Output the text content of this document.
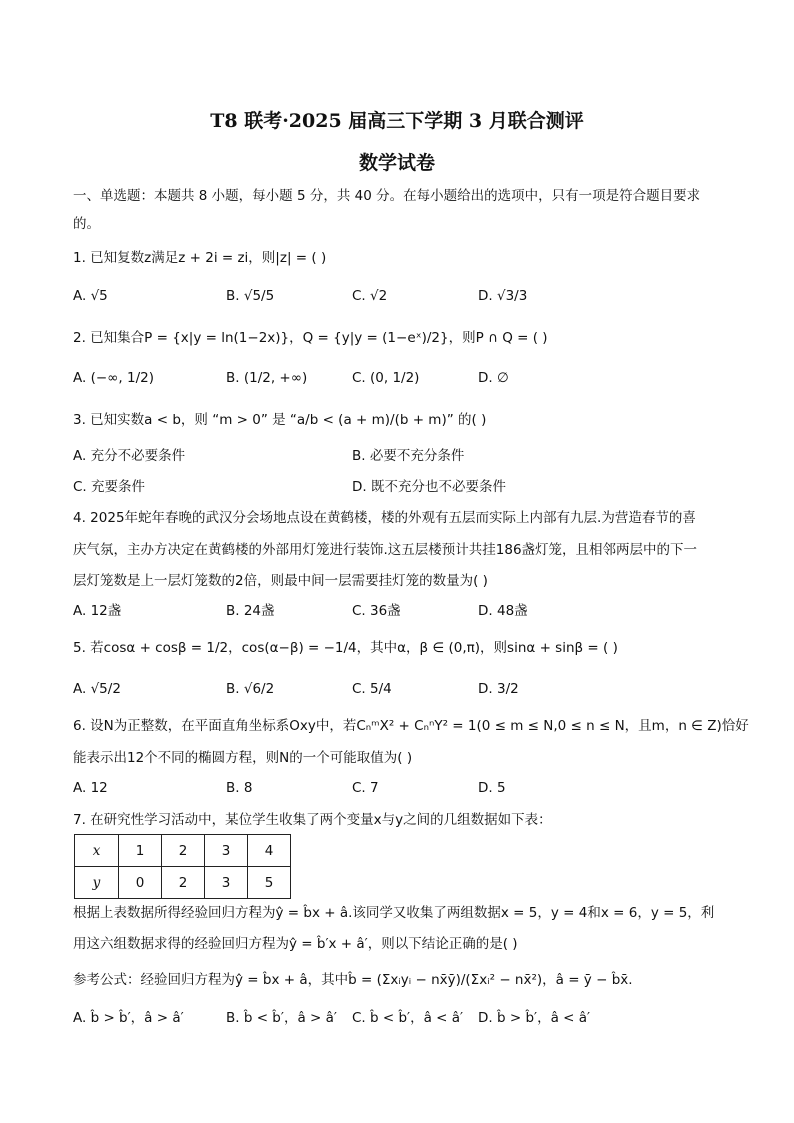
T8 联考·2025 届高三下学期 3 月联合测评
数学试卷
一、单选题：本题共 8 小题，每小题 5 分，共 40 分。在每小题给出的选项中，只有一项是符合题目要求
的。
1. 已知复数z满足z + 2i = zi，则|z| = ( )
A. √5	B. √5/5	C. √2	D. √3/3
2. 已知集合P = {x|y = ln(1−2x)}，Q = {y|y = (1−eˣ)/2}，则P ∩ Q = ( )
A. (−∞, 1/2)	B. (1/2, +∞)	C. (0, 1/2)	D. ∅
3. 已知实数a < b，则 “m > 0” 是 “a/b < (a + m)/(b + m)” 的( )
A. 充分不必要条件	B. 必要不充分条件
C. 充要条件	D. 既不充分也不必要条件
4. 2025年蛇年春晚的武汉分会场地点设在黄鹤楼，楼的外观有五层而实际上内部有九层.为营造春节的喜
庆气氛，主办方决定在黄鹤楼的外部用灯笼进行装饰.这五层楼预计共挂186盏灯笼，且相邻两层中的下一
层灯笼数是上一层灯笼数的2倍，则最中间一层需要挂灯笼的数量为( )
A. 12盏	B. 24盏	C. 36盏	D. 48盏
5. 若cosα + cosβ = 1/2，cos(α−β) = −1/4，其中α，β ∈ (0,π)，则sinα + sinβ = ( )
A. √5/2	B. √6/2	C. 5/4	D. 3/2
6. 设N为正整数，在平面直角坐标系Oxy中，若CₙᵐX² + CₙⁿY² = 1(0 ≤ m ≤ N,0 ≤ n ≤ N，且m，n ∈ Z)恰好
能表示出12个不同的椭圆方程，则N的一个可能取值为( )
A. 12	B. 8	C. 7	D. 5
7. 在研究性学习活动中，某位学生收集了两个变量x与y之间的几组数据如下表：
x	1	2	3	4
y	0	2	3	5
根据上表数据所得经验回归方程为ŷ = b̂x + â.该同学又收集了两组数据x = 5，y = 4和x = 6，y = 5，利
用这六组数据求得的经验回归方程为ŷ = b̂′x + â′，则以下结论正确的是( )
参考公式：经验回归方程为ŷ = b̂x + â，其中b̂ = (Σxᵢyᵢ − nx̄ȳ)/(Σxᵢ² − nx̄²)，â = ȳ − b̂x̄.
A. b̂ > b̂′，â > â′	B. b̂ < b̂′，â > â′ C. b̂ < b̂′，â < â′ D. b̂ > b̂′，â < â′
